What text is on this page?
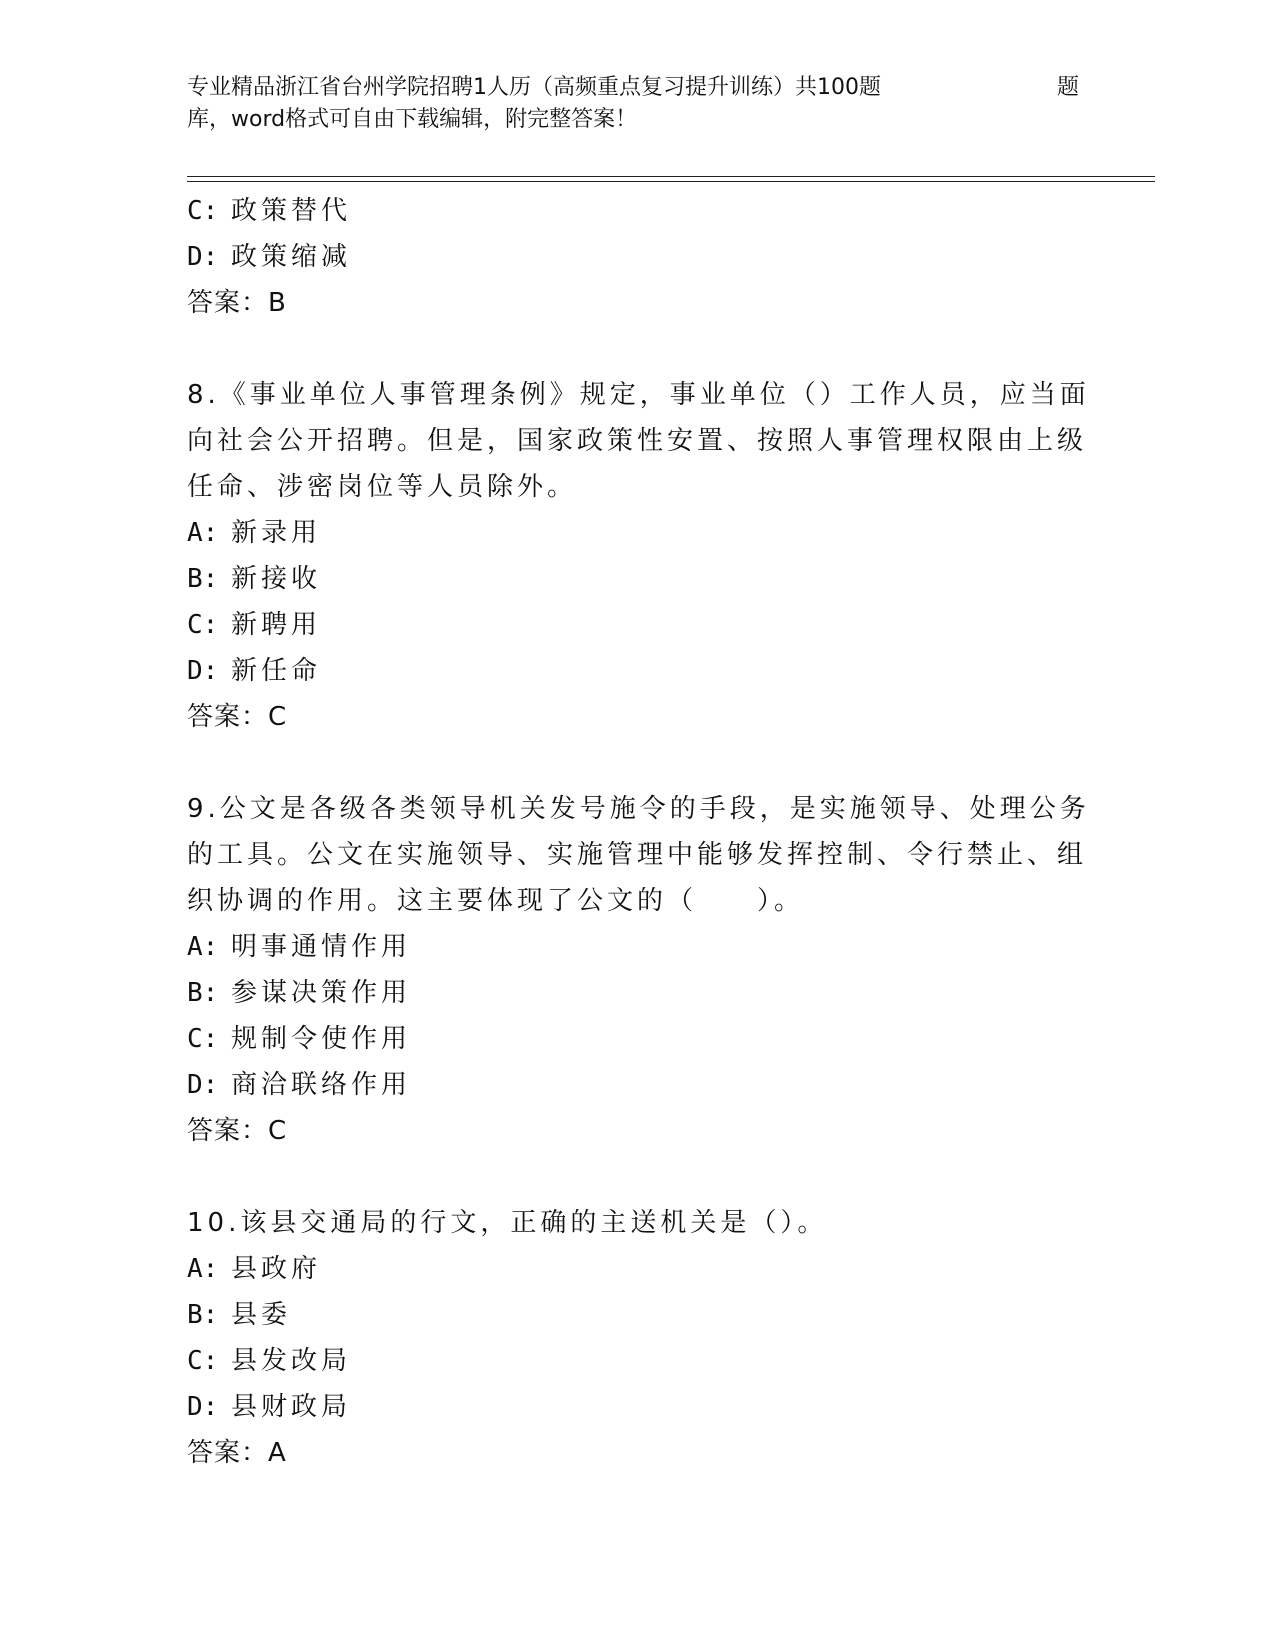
专业精品浙江省台州学院招聘1人历（高频重点复习提升训练）共100题	题
库，word格式可自由下载编辑，附完整答案！
C: 政策替代
D: 政策缩减
答案：B
8.《事业单位人事管理条例》规定，事业单位（）工作人员，应当面
向社会公开招聘。但是，国家政策性安置、按照人事管理权限由上级
任命、涉密岗位等人员除外。
A: 新录用
B: 新接收
C: 新聘用
D: 新任命
答案：C
9.公文是各级各类领导机关发号施令的手段，是实施领导、处理公务
的工具。公文在实施领导、实施管理中能够发挥控制、令行禁止、组
织协调的作用。这主要体现了公文的（　　）。
A: 明事通情作用
B: 参谋决策作用
C: 规制令使作用
D: 商洽联络作用
答案：C
10.该县交通局的行文，正确的主送机关是（）。
A: 县政府
B: 县委
C: 县发改局
D: 县财政局
答案：A
